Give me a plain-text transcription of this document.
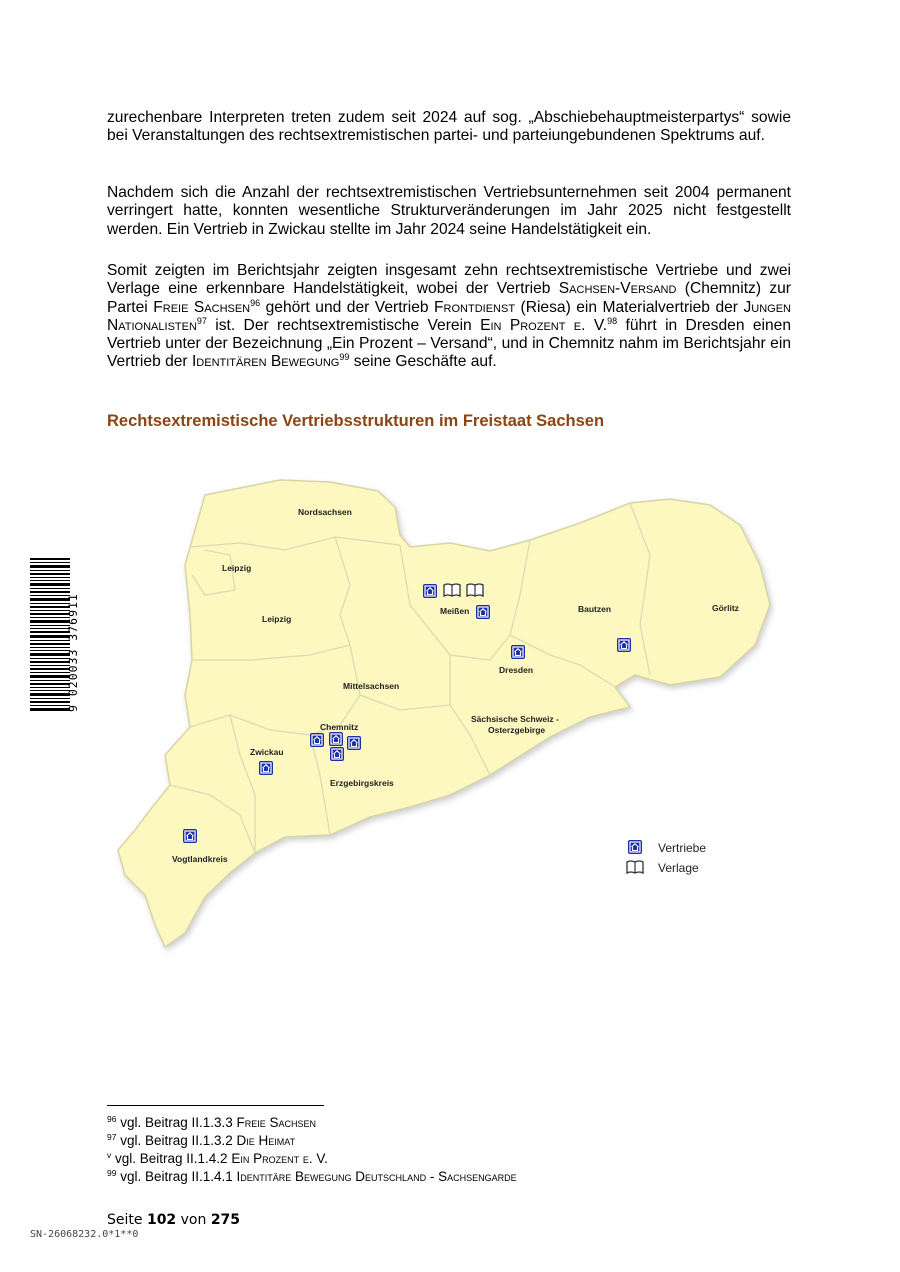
9 020033 376911

zurechenbare Interpreten treten zudem seit 2024 auf sog. „Abschiebehauptmeisterpartys“ sowie bei Veranstaltungen des rechtsextremistischen partei- und parteiungebundenen Spektrums auf.

Nachdem sich die Anzahl der rechtsextremistischen Vertriebsunternehmen seit 2004 permanent verringert hatte, konnten wesentliche Strukturveränderungen im Jahr 2025 nicht festgestellt werden. Ein Vertrieb in Zwickau stellte im Jahr 2024 seine Handelstätigkeit ein.

Somit zeigten im Berichtsjahr zeigten insgesamt zehn rechtsextremistische Vertriebe und zwei Verlage eine erkennbare Handelstätigkeit, wobei der Vertrieb Sachsen-Versand (Chemnitz) zur Partei Freie Sachsen$^{96}$ gehört und der Vertrieb Frontdienst (Riesa) ein Materialvertrieb der Jungen Nationalisten$^{97}$ ist. Der rechtsextremistische Verein Ein Prozent e. V.$^{98}$ führt in Dresden einen Vertrieb unter der Bezeichnung „Ein Prozent – Versand“, und in Chemnitz nahm im Berichtsjahr ein Vertrieb der Identitären Bewegung$^{99}$ seine Geschäfte auf.

Rechtsextremistische Vertriebsstrukturen im Freistaat Sachsen
Nordsachsen
Leipzig
Leipzig
Meißen	Bautzen	Görlitz
Dresden
Mittelsachsen
Sächsische Schweiz -
Osterzgebirge
Chemnitz
Zwickau
Erzgebirgskreis
Vogtlandkreis
Vertriebe
Verlage
$^{96}$ vgl. Beitrag II.1.3.3 Freie Sachsen
$^{97}$ vgl. Beitrag II.1.3.2 Die Heimat
$^v$ vgl. Beitrag II.1.4.2 Ein Prozent e. V.
$^{99}$ vgl. Beitrag II.1.4.1 Identitäre Bewegung Deutschland - Sachsengarde
Seite 102 von 275
SN-26068232.0*1**0
